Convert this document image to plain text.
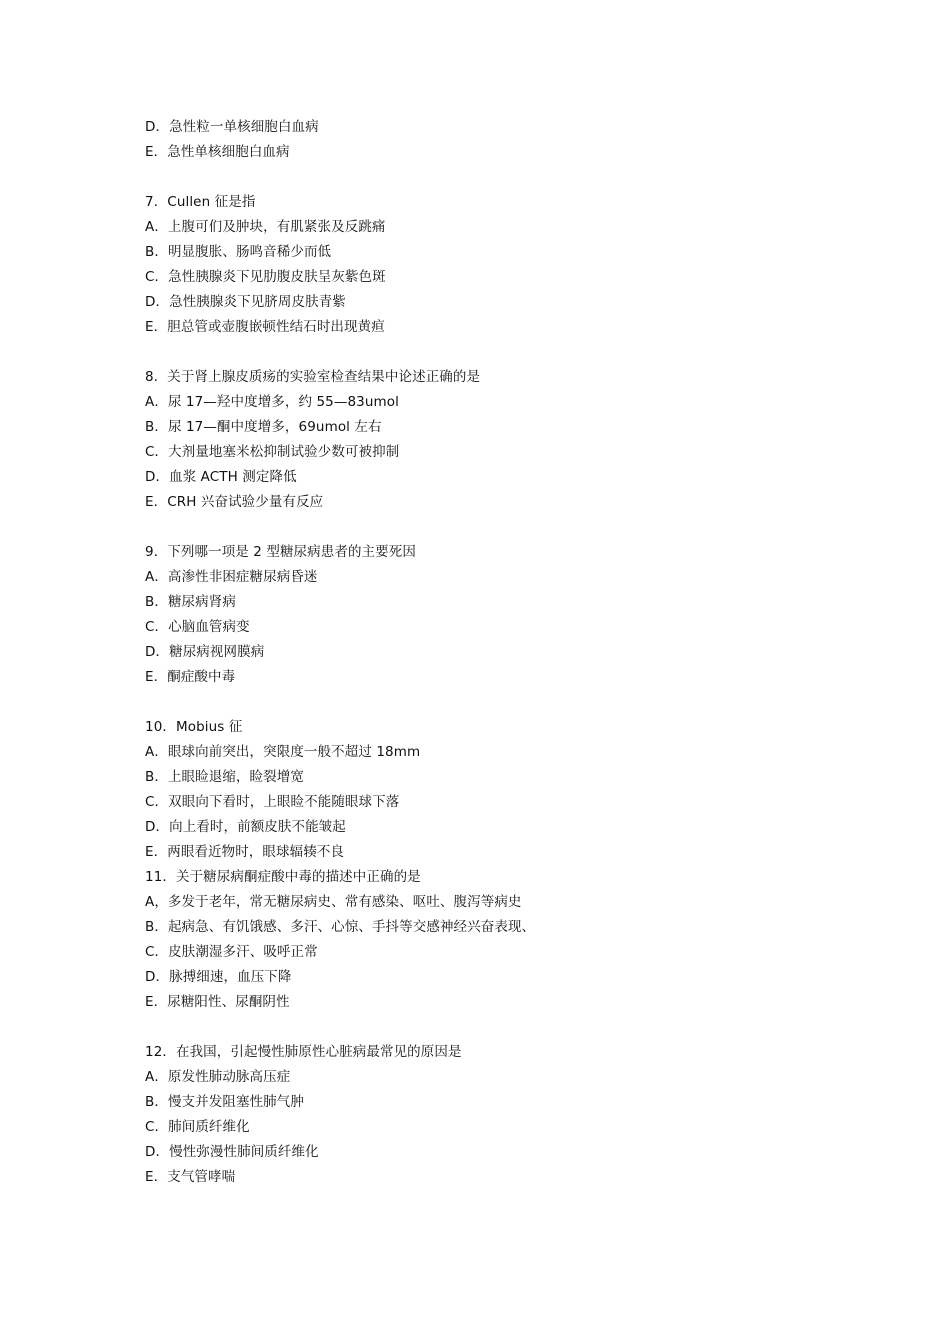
D．急性粒一单核细胞白血病
E．急性单核细胞白血病
7．Cullen 征是指
A．上腹可们及肿块，有肌紧张及反跳痛
B．明显腹胀、肠鸣音稀少而低
C．急性胰腺炎下见肋腹皮肤呈灰紫色斑
D．急性胰腺炎下见脐周皮肤青紫
E．胆总管或壶腹嵌顿性结石时出现黄疸
8．关于肾上腺皮质疡的实验室检查结果中论述正确的是
A．尿 17—羟中度增多，约 55—83umol
B．尿 17—酮中度增多，69umol 左右
C．大剂量地塞米松抑制试验少数可被抑制
D．血浆 ACTH 测定降低
E．CRH 兴奋试验少量有反应
9．下列哪一项是 2 型糖尿病患者的主要死因
A．高渗性非困症糖尿病昏迷
B．糖尿病肾病
C．心脑血管病变
D．糖尿病视网膜病
E．酮症酸中毒
10．Mobius 征
A．眼球向前突出，突限度一般不超过 18mm
B．上眼睑退缩，睑裂增宽
C．双眼向下看时，上眼睑不能随眼球下落
D．向上看时，前额皮肤不能皱起
E．两眼看近物时，眼球辐辏不良
11．关于糖尿病酮症酸中毒的描述中正确的是
A，多发于老年，常无糖尿病史、常有感染、呕吐、腹泻等病史
B．起病急、有饥饿感、多汗、心惊、手抖等交感神经兴奋表现、
C．皮肤潮湿多汗、吸呼正常
D．脉搏细速，血压下降
E．尿糖阳性、尿酮阴性
12．在我国，引起慢性肺原性心脏病最常见的原因是
A．原发性肺动脉高压症
B．慢支并发阻塞性肺气肿
C．肺间质纤维化
D．慢性弥漫性肺间质纤维化
E．支气管哮喘
